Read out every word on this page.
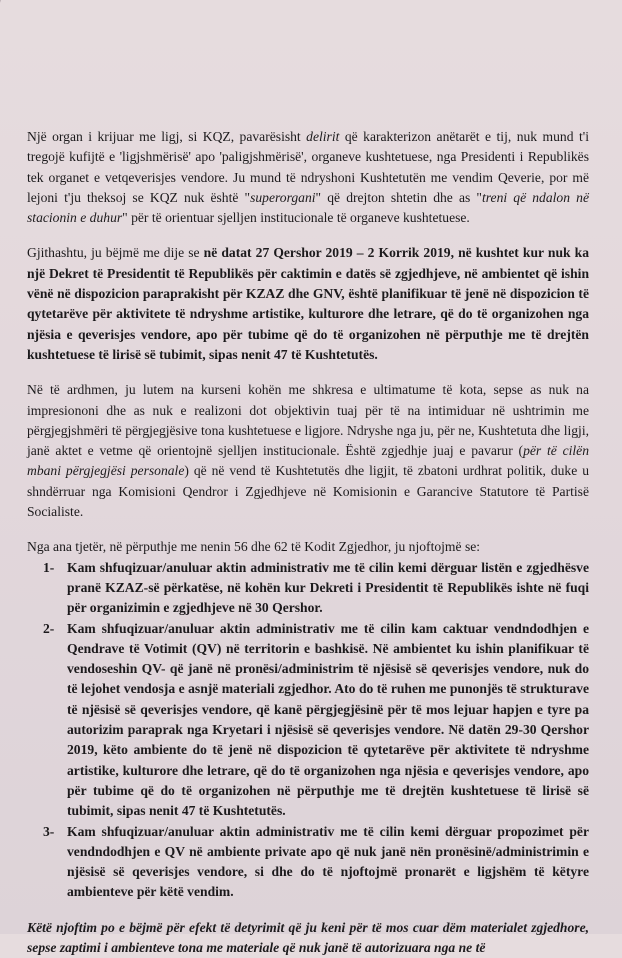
Një organ i krijuar me ligj, si KQZ, pavarësisht delirit që karakterizon anëtarët e tij, nuk mund t'i tregojë kufijtë e 'ligjshmërisë' apo 'paligjshmërisë', organeve kushtetuese, nga Presidenti i Republikës tek organet e vetqeverisjes vendore. Ju mund të ndryshoni Kushtetutën me vendim Qeverie, por më lejoni t'ju theksoj se KQZ nuk është "superorgani" që drejton shtetin dhe as "treni që ndalon në stacionin e duhur" për të orientuar sjelljen institucionale të organeve kushtetuese.

Gjithashtu, ju bëjmë me dije se në datat 27 Qershor 2019 – 2 Korrik 2019, në kushtet kur nuk ka një Dekret të Presidentit të Republikës për caktimin e datës së zgjedhjeve, në ambientet që ishin vënë në dispozicion paraprakisht për KZAZ dhe GNV, është planifikuar të jenë në dispozicion të qytetarëve për aktivitete të ndryshme artistike, kulturore dhe letrare, që do të organizohen nga njësia e qeverisjes vendore, apo për tubime që do të organizohen në përputhje me të drejtën kushtetuese të lirisë së tubimit, sipas nenit 47 të Kushtetutës.

Në të ardhmen, ju lutem na kurseni kohën me shkresa e ultimatume të kota, sepse as nuk na impresiononi dhe as nuk e realizoni dot objektivin tuaj për të na intimiduar në ushtrimin me përgjegjshmëri të përgjegjësive tona kushtetuese e ligjore. Ndryshe nga ju, për ne, Kushtetuta dhe ligji, janë aktet e vetme që orientojnë sjelljen institucionale. Është zgjedhje juaj e pavarur (për të cilën mbani përgjegjësi personale) që në vend të Kushtetutës dhe ligjit, të zbatoni urdhrat politik, duke u shndërruar nga Komisioni Qendror i Zgjedhjeve në Komisionin e Garancive Statutore të Partisë Socialiste.

Nga ana tjetër, në përputhje me nenin 56 dhe 62 të Kodit Zgjedhor, ju njoftojmë se:

1- Kam shfuqizuar/anuluar aktin administrativ me të cilin kemi dërguar listën e zgjedhësve pranë KZAZ-së përkatëse, në kohën kur Dekreti i Presidentit të Republikës ishte në fuqi për organizimin e zgjedhjeve në 30 Qershor.
2- Kam shfuqizuar/anuluar aktin administrativ me të cilin kam caktuar vendndodhjen e Qendrave të Votimit (QV) në territorin e bashkisë. Në ambientet ku ishin planifikuar të vendoseshin QV- që janë në pronësi/administrim të njësisë së qeverisjes vendore, nuk do të lejohet vendosja e asnjë materiali zgjedhor. Ato do të ruhen me punonjës të strukturave të njësisë së qeverisjes vendore, që kanë përgjegjësinë për të mos lejuar hapjen e tyre pa autorizim paraprak nga Kryetari i njësisë së qeverisjes vendore. Në datën 29-30 Qershor 2019, këto ambiente do të jenë në dispozicion të qytetarëve për aktivitete të ndryshme artistike, kulturore dhe letrare, që do të organizohen nga njësia e qeverisjes vendore, apo për tubime që do të organizohen në përputhje me të drejtën kushtetuese të lirisë së tubimit, sipas nenit 47 të Kushtetutës.
3- Kam shfuqizuar/anuluar aktin administrativ me të cilin kemi dërguar propozimet për vendndodhjen e QV në ambiente private apo që nuk janë nën pronësinë/administrimin e njësisë së qeverisjes vendore, si dhe do të njoftojmë pronarët e ligjshëm të këtyre ambienteve për këtë vendim.

Këtë njoftim po e bëjmë për efekt të detyrimit që ju keni për të mos cuar dëm materialet zgjedhore, sepse zaptimi i ambienteve tona me materiale që nuk janë të autorizuara nga ne të
